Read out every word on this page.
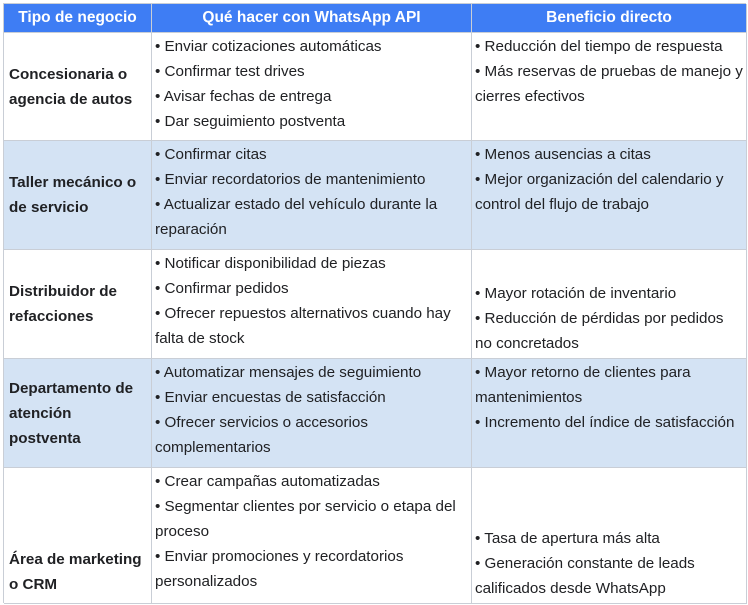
Tipo de negocio	Qué hacer con WhatsApp API	Beneficio directo
Concesionaria o agencia de autos
• Enviar cotizaciones automáticas
• Confirmar test drives
• Avisar fechas de entrega
• Dar seguimiento postventa
• Reducción del tiempo de respuesta
• Más reservas de pruebas de manejo y cierres efectivos
Taller mecánico o de servicio
• Confirmar citas
• Enviar recordatorios de mantenimiento
• Actualizar estado del vehículo durante la reparación
• Menos ausencias a citas
• Mejor organización del calendario y control del flujo de trabajo
Distribuidor de refacciones
• Notificar disponibilidad de piezas
• Confirmar pedidos
• Ofrecer repuestos alternativos cuando hay falta de stock
• Mayor rotación de inventario
• Reducción de pérdidas por pedidos no concretados
Departamento de atención postventa
• Automatizar mensajes de seguimiento
• Enviar encuestas de satisfacción
• Ofrecer servicios o accesorios complementarios
• Mayor retorno de clientes para mantenimientos
• Incremento del índice de satisfacción
Área de marketing o CRM
• Crear campañas automatizadas
• Segmentar clientes por servicio o etapa del proceso
• Enviar promociones y recordatorios personalizados
• Tasa de apertura más alta
• Generación constante de leads calificados desde WhatsApp
